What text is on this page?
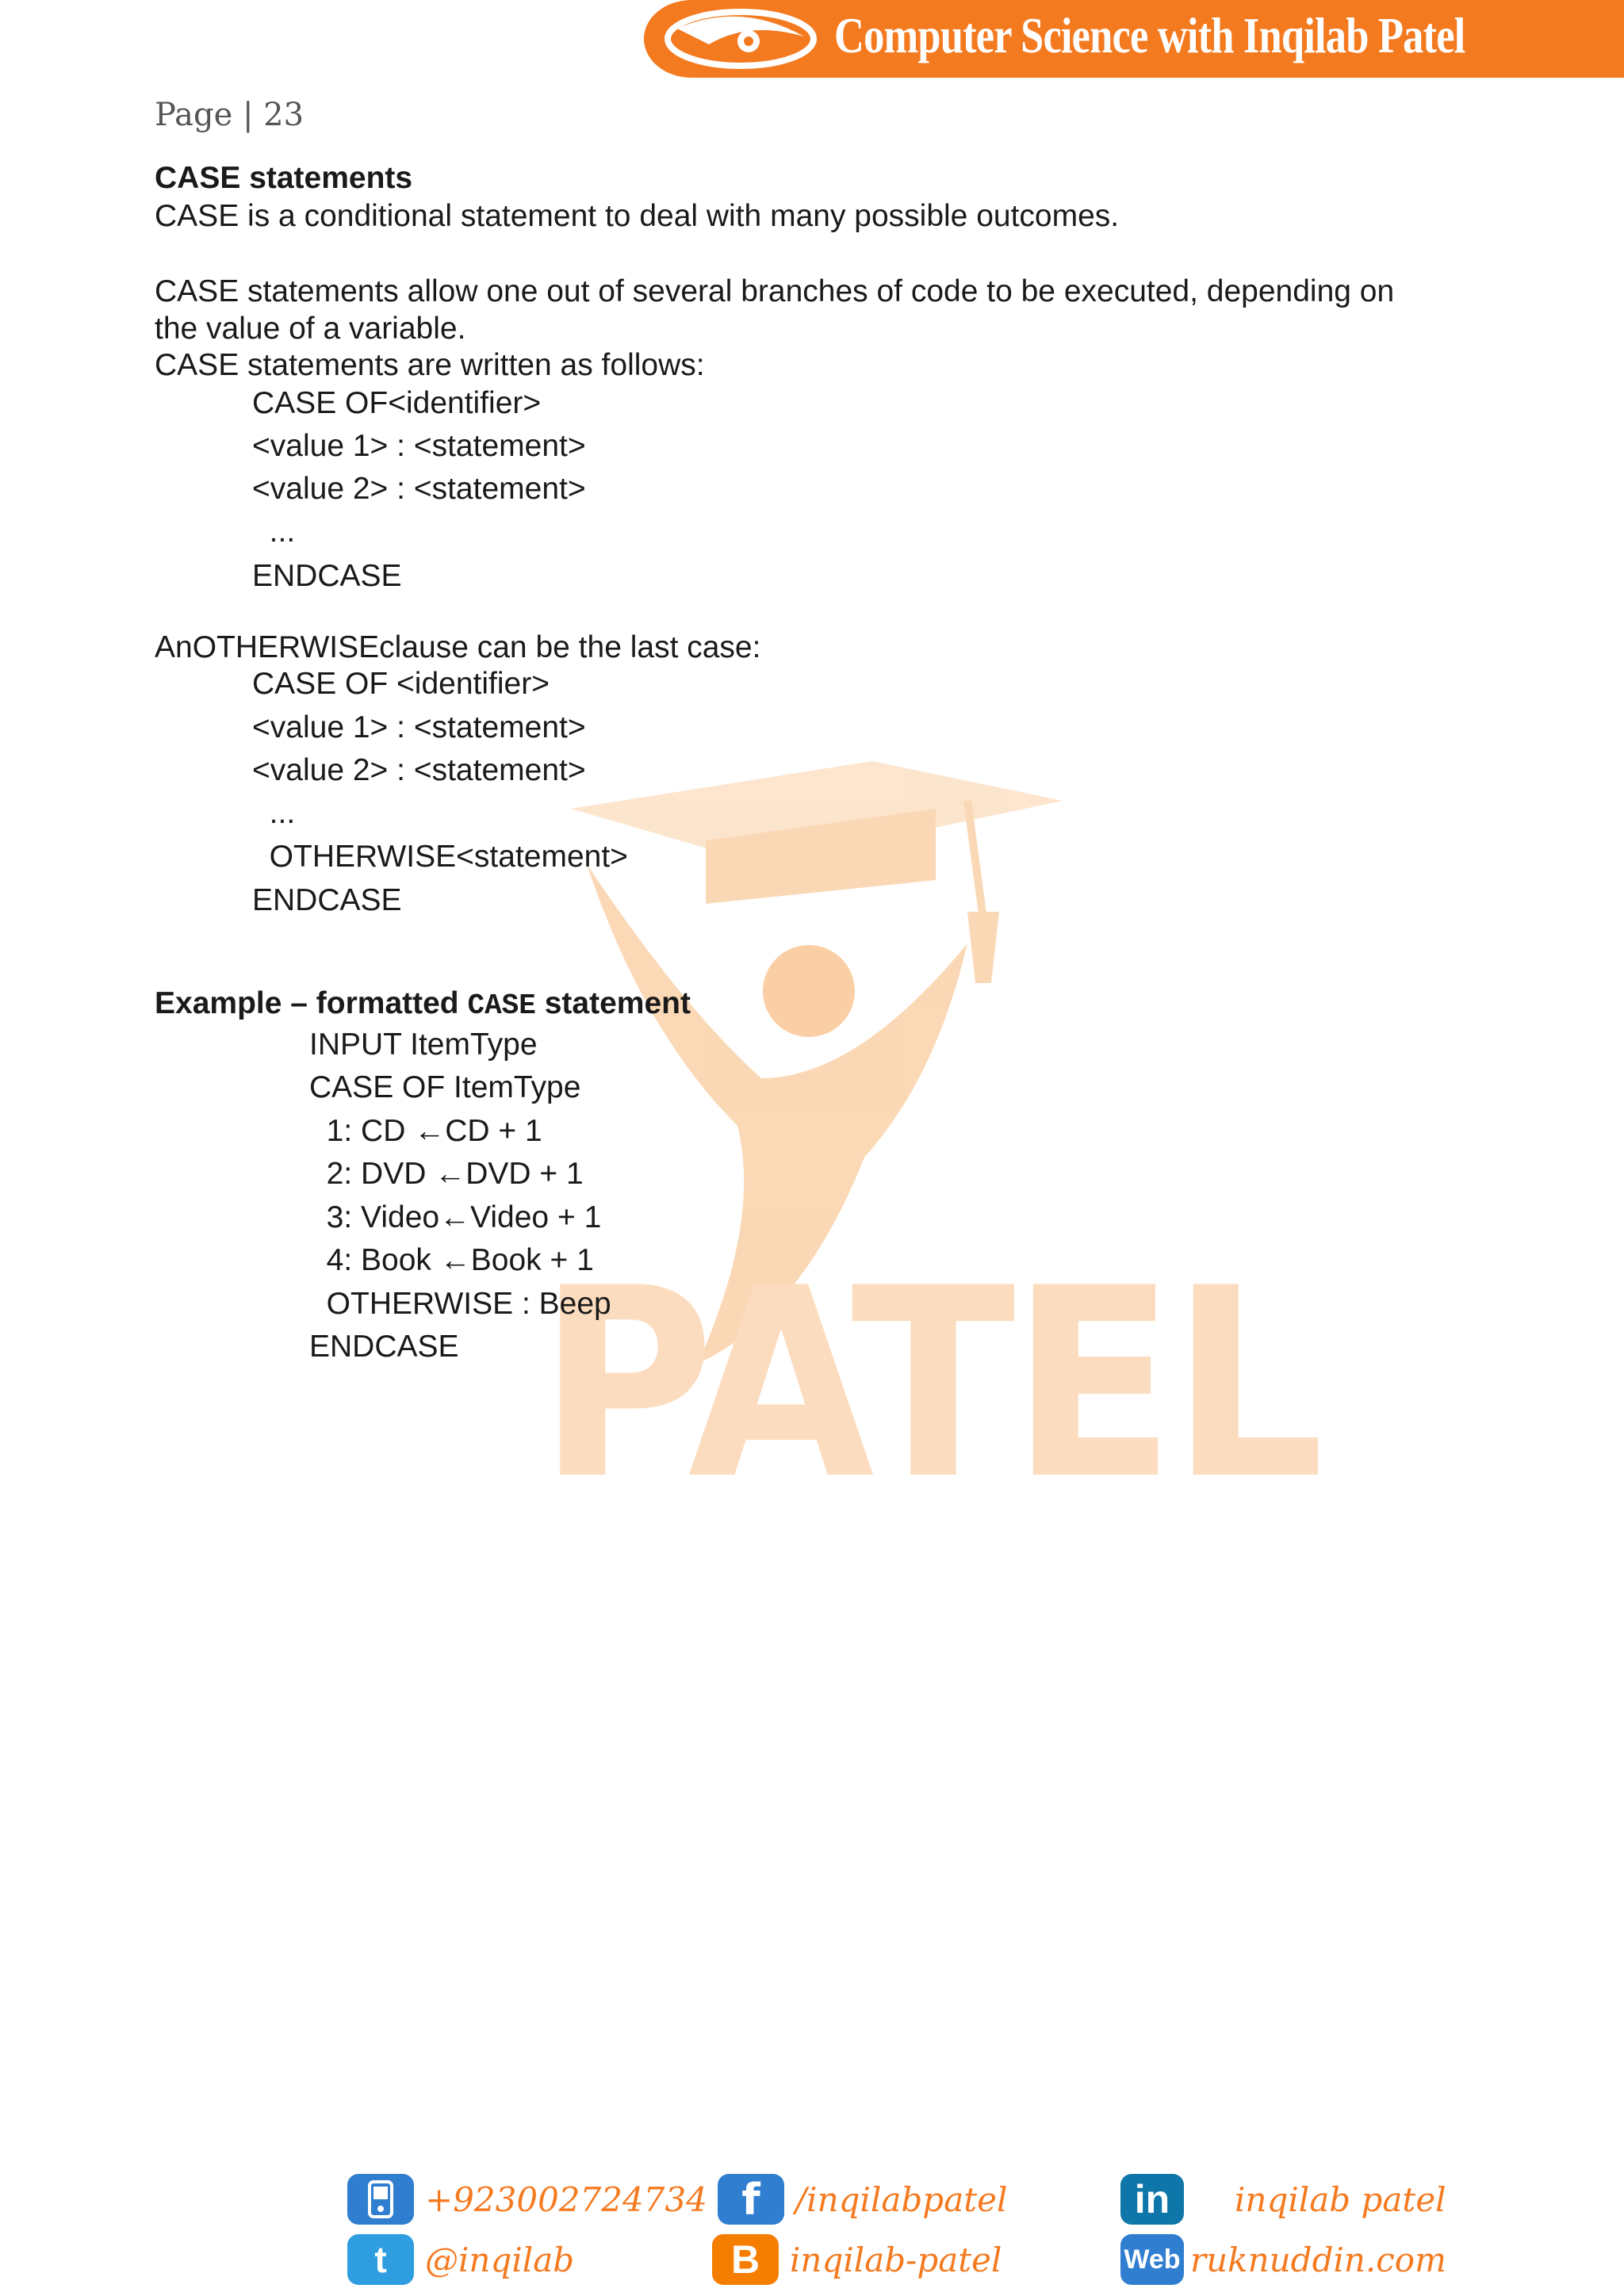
Computer Science with Inqilab Patel
Page | 23
PATEL
CASE statements
CASE is a conditional statement to deal with many possible outcomes.
CASE statements allow one out of several branches of code to be executed, depending on
the value of a variable.
CASE statements are written as follows:
CASE OF<identifier>
<value 1> : <statement>
<value 2> : <statement>
...
ENDCASE
AnOTHERWISEclause can be the last case:
CASE OF <identifier>
<value 1> : <statement>
<value 2> : <statement>
...
OTHERWISE<statement>
ENDCASE
Example – formatted CASE statement
INPUT ItemType
CASE OF ItemType
1: CD ←CD + 1
2: DVD ←DVD + 1
3: Video←Video + 1
4: Book ←Book + 1
OTHERWISE : Beep
ENDCASE
+923002724734 f	/inqilabpatel	in	inqilab patel
t	@inqilab	B inqilab-patel	Web ruknuddin.com
